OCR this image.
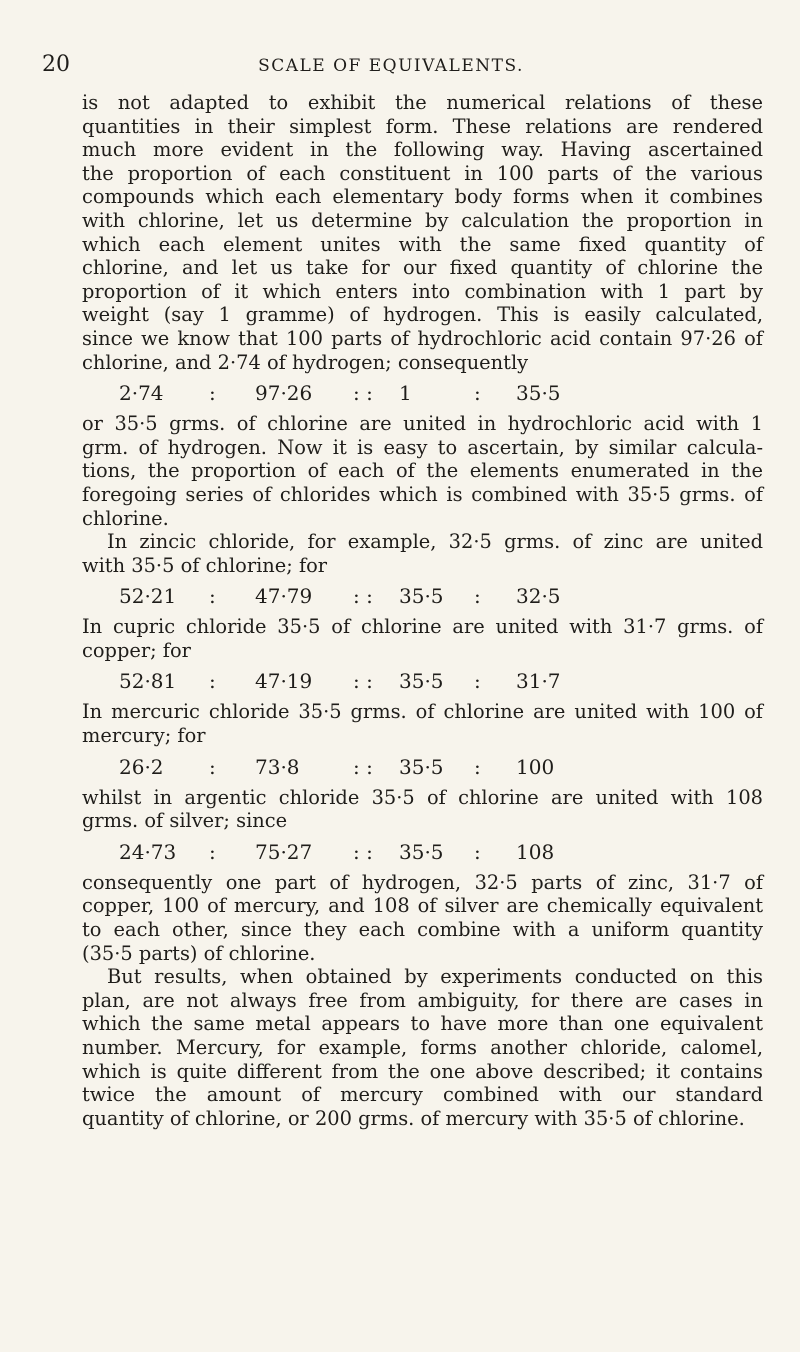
20	SCALE OF EQUIVALENTS.
is not adapted to exhibit the numerical relations of these
quantities in their simplest form. These relations are rendered
much more evident in the following way. Having ascertained
the proportion of each constituent in 100 parts of the various
compounds which each elementary body forms when it combines
with chlorine, let us determine by calculation the proportion in
which each element unites with the same fixed quantity of
chlorine, and let us take for our fixed quantity of chlorine the
proportion of it which enters into combination with 1 part by
weight (say 1 gramme) of hydrogen. This is easily calculated,
since we know that 100 parts of hydrochloric acid contain 97·26 of
chlorine, and 2·74 of hydrogen; consequently
2·74	:	97·26	: :	1	:	35·5
or 35·5 grms. of chlorine are united in hydrochloric acid with 1
grm. of hydrogen. Now it is easy to ascertain, by similar calcula-
tions, the proportion of each of the elements enumerated in the
foregoing series of chlorides which is combined with 35·5 grms. of
chlorine.
In zincic chloride, for example, 32·5 grms. of zinc are united
with 35·5 of chlorine; for
52·21	:	47·79	: :	35·5	:	32·5
In cupric chloride 35·5 of chlorine are united with 31·7 grms. of
copper; for
52·81	:	47·19	: :	35·5	:	31·7
In mercuric chloride 35·5 grms. of chlorine are united with 100 of
mercury; for
26·2	:	73·8	: :	35·5	:	100
whilst in argentic chloride 35·5 of chlorine are united with 108
grms. of silver; since
24·73	:	75·27	: :	35·5	:	108
consequently one part of hydrogen, 32·5 parts of zinc, 31·7 of
copper, 100 of mercury, and 108 of silver are chemically equivalent
to each other, since they each combine with a uniform quantity
(35·5 parts) of chlorine.
But results, when obtained by experiments conducted on this
plan, are not always free from ambiguity, for there are cases in
which the same metal appears to have more than one equivalent
number. Mercury, for example, forms another chloride, calomel,
which is quite different from the one above described; it contains
twice the amount of mercury combined with our standard
quantity of chlorine, or 200 grms. of mercury with 35·5 of chlorine.
